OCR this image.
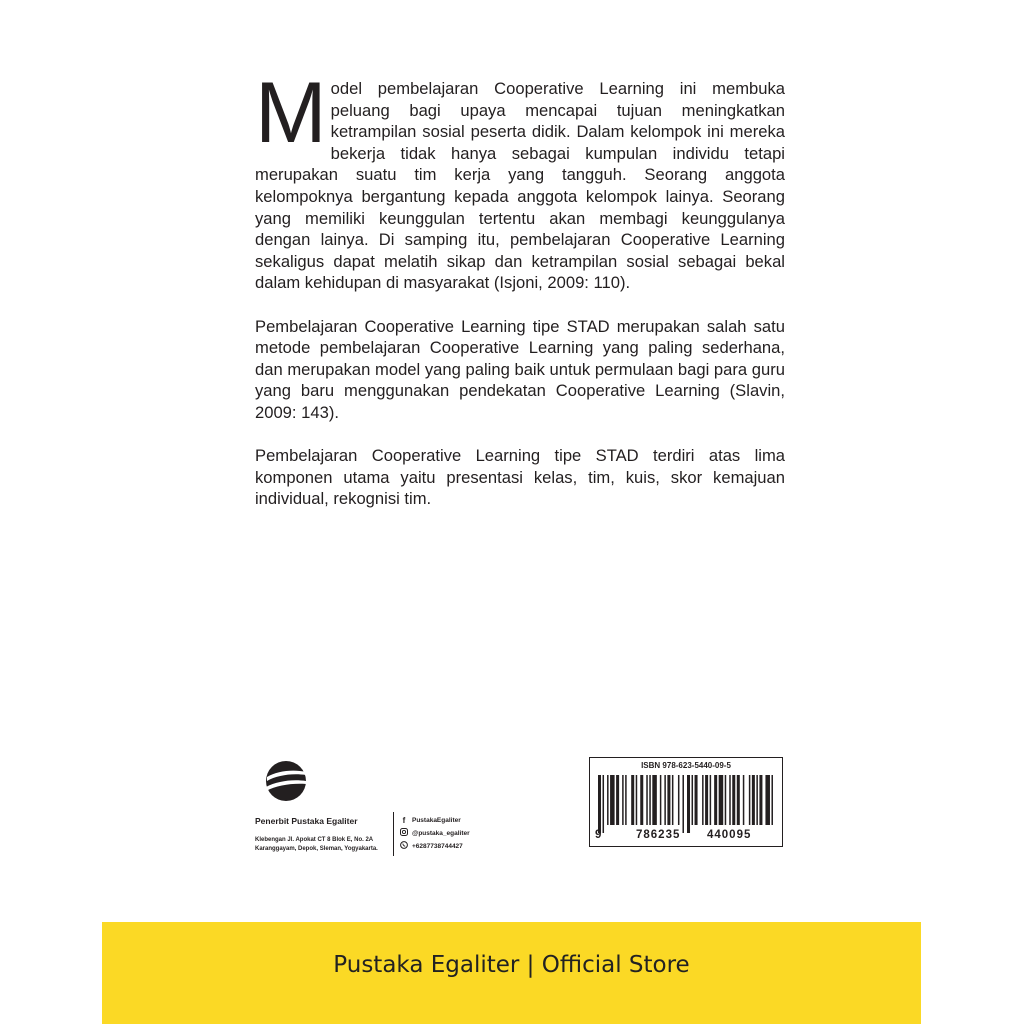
Model pembelajaran Cooperative Learning ini membuka peluang bagi upaya mencapai tujuan meningkatkan ketrampilan sosial peserta didik. Dalam kelompok ini mereka bekerja tidak hanya sebagai kumpulan individu tetapi merupakan suatu tim kerja yang tangguh. Seorang anggota kelompoknya bergantung kepada anggota kelompok lainya. Seorang yang memiliki keunggulan tertentu akan membagi keunggulanya dengan lainya. Di samping itu, pembelajaran Cooperative Learning sekaligus dapat melatih sikap dan ketrampilan sosial sebagai bekal dalam kehidupan di masyarakat (Isjoni, 2009: 110).

Pembelajaran Cooperative Learning tipe STAD merupakan salah satu metode pembelajaran Cooperative Learning yang paling sederhana, dan merupakan model yang paling baik untuk permulaan bagi para guru yang baru menggunakan pendekatan Cooperative Learning (Slavin, 2009: 143).

Pembelajaran Cooperative Learning tipe STAD terdiri atas lima komponen utama yaitu presentasi kelas, tim, kuis, skor kemajuan individual, rekognisi tim.

Penerbit Pustaka Egaliter
Klebengan Jl. Apokat CT 8 Blok E, No. 2A Karanggayam, Depok, Sleman, Yogyakarta.
f	PustakaEgaliter
@pustaka_egaliter
+6287738744427
ISBN 978-623-5440-09-5
9	786235 440095
Pustaka Egaliter | Official Store
